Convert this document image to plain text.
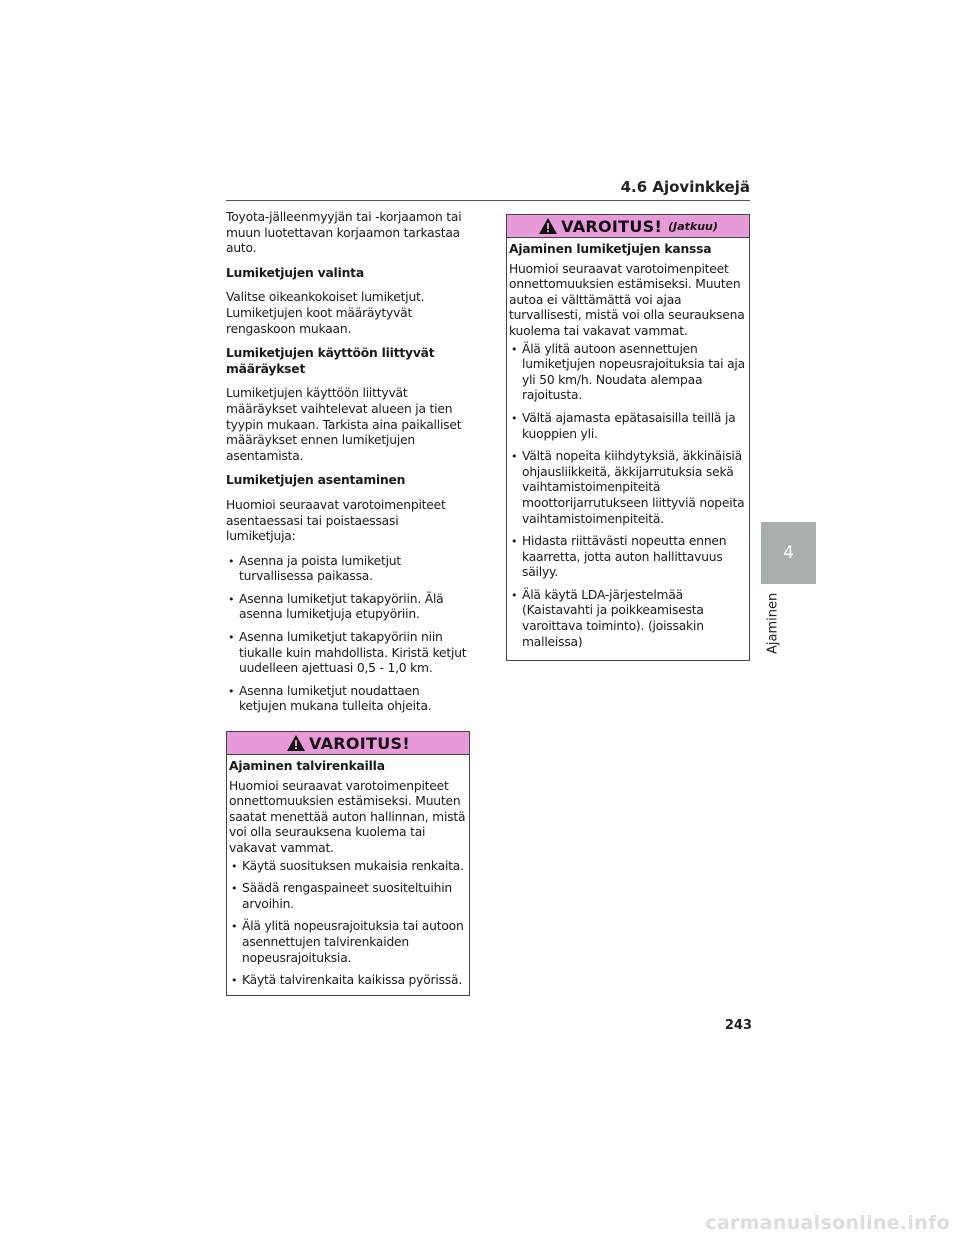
4.6 Ajovinkkejä

Toyota-jälleenmyyjän tai -korjaamon tai muun luotettavan korjaamon tarkastaa auto.

Lumiketjujen valinta

Valitse oikeankokoiset lumiketjut. Lumiketjujen koot määräytyvät rengaskoon mukaan.

Lumiketjujen käyttöön liittyvät määräykset

Lumiketjujen käyttöön liittyvät määräykset vaihtelevat alueen ja tien tyypin mukaan. Tarkista aina paikalliset määräykset ennen lumiketjujen asentamista.

Lumiketjujen asentaminen

Huomioi seuraavat varotoimenpiteet asentaessasi tai poistaessasi lumiketjuja:

• Asenna ja poista lumiketjut turvallisessa paikassa.
• Asenna lumiketjut takapyöriin. Älä asenna lumiketjuja etupyöriin.
• Asenna lumiketjut takapyöriin niin tiukalle kuin mahdollista. Kiristä ketjut uudelleen ajettuasi 0,5 - 1,0 km.
• Asenna lumiketjut noudattaen ketjujen mukana tulleita ohjeita.
VAROITUS!

Ajaminen talvirenkailla

Huomioi seuraavat varotoimenpiteet onnettomuuksien estämiseksi. Muuten saatat menettää auton hallinnan, mistä voi olla seurauksena kuolema tai vakavat vammat.

• Käytä suosituksen mukaisia renkaita.
• Säädä rengaspaineet suositeltuihin arvoihin.
• Älä ylitä nopeusrajoituksia tai autoon asennettujen talvirenkaiden nopeusrajoituksia.
• Käytä talvirenkaita kaikissa pyörissä.
VAROITUS! (Jatkuu)

Ajaminen lumiketjujen kanssa

Huomioi seuraavat varotoimenpiteet onnettomuuksien estämiseksi. Muuten autoa ei välttämättä voi ajaa turvallisesti, mistä voi olla seurauksena kuolema tai vakavat vammat.

• Älä ylitä autoon asennettujen lumiketjujen nopeusrajoituksia tai aja yli 50 km/h. Noudata alempaa rajoitusta.
• Vältä ajamasta epätasaisilla teillä ja kuoppien yli.
• Vältä nopeita kiihdytyksiä, äkkinäisiä ohjausliikkeitä, äkkijarrutuksia sekä vaihtamistoimenpiteitä moottorijarrutukseen liittyviä nopeita vaihtamistoimenpiteitä.
• Hidasta riittävästi nopeutta ennen kaarretta, jotta auton hallittavuus säilyy.
• Älä käytä LDA-järjestelmää (Kaistavahti ja poikkeamisesta varoittava toiminto). (joissakin malleissa)
4
Ajaminen
243
carmanualsonline.info
